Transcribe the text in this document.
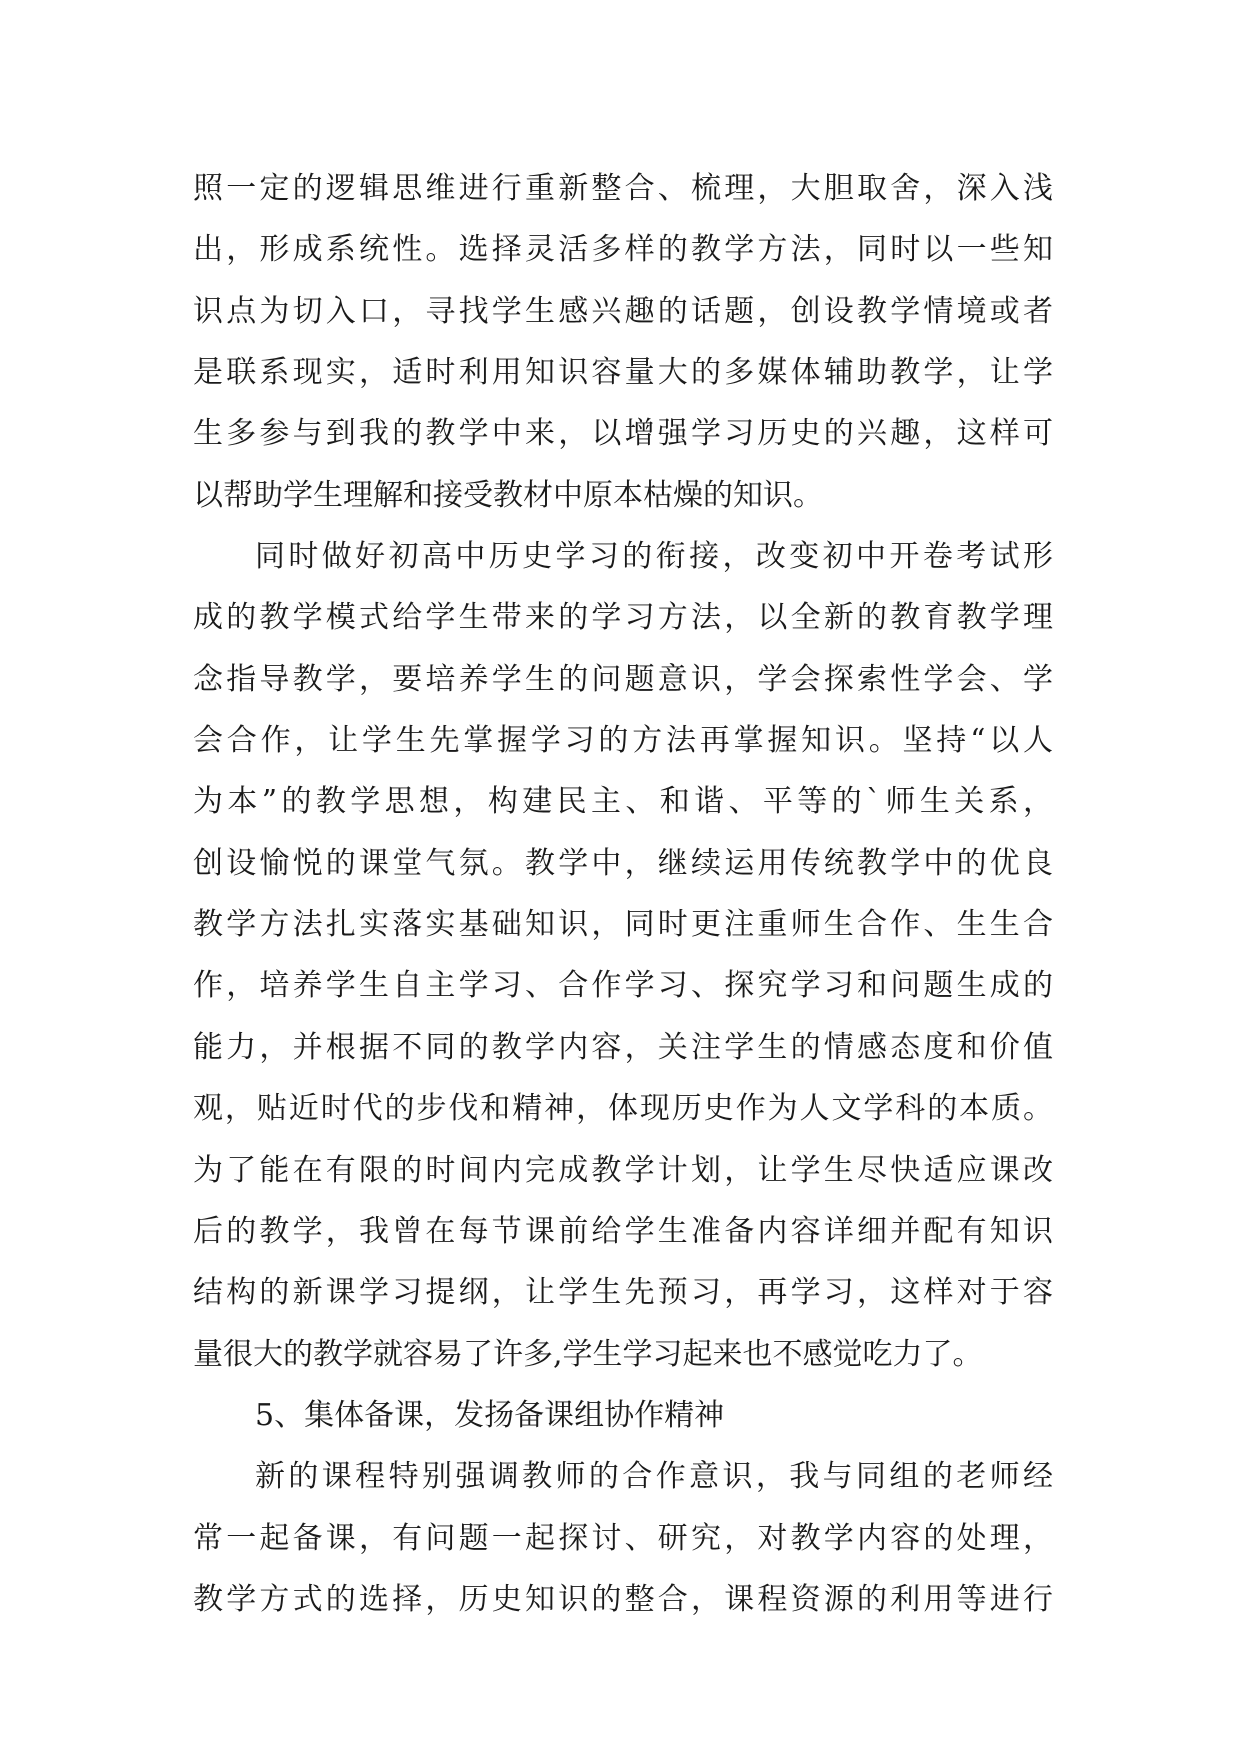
照一定的逻辑思维进行重新整合、梳理，大胆取舍，深入浅
出，形成系统性。选择灵活多样的教学方法，同时以一些知
识点为切入口，寻找学生感兴趣的话题，创设教学情境或者
是联系现实，适时利用知识容量大的多媒体辅助教学，让学
生多参与到我的教学中来，以增强学习历史的兴趣，这样可
以帮助学生理解和接受教材中原本枯燥的知识。
同时做好初高中历史学习的衔接，改变初中开卷考试形
成的教学模式给学生带来的学习方法，以全新的教育教学理
念指导教学，要培养学生的问题意识，学会探索性学会、学
会合作，让学生先掌握学习的方法再掌握知识。坚持“以人
为本”的教学思想，构建民主、和谐、平等的`师生关系，
创设愉悦的课堂气氛。教学中，继续运用传统教学中的优良
教学方法扎实落实基础知识，同时更注重师生合作、生生合
作，培养学生自主学习、合作学习、探究学习和问题生成的
能力，并根据不同的教学内容，关注学生的情感态度和价值
观，贴近时代的步伐和精神，体现历史作为人文学科的本质。
为了能在有限的时间内完成教学计划，让学生尽快适应课改
后的教学，我曾在每节课前给学生准备内容详细并配有知识
结构的新课学习提纲，让学生先预习，再学习，这样对于容
量很大的教学就容易了许多,学生学习起来也不感觉吃力了。
5、集体备课，发扬备课组协作精神
新的课程特别强调教师的合作意识，我与同组的老师经
常一起备课，有问题一起探讨、研究，对教学内容的处理，
教学方式的选择，历史知识的整合，课程资源的利用等进行
